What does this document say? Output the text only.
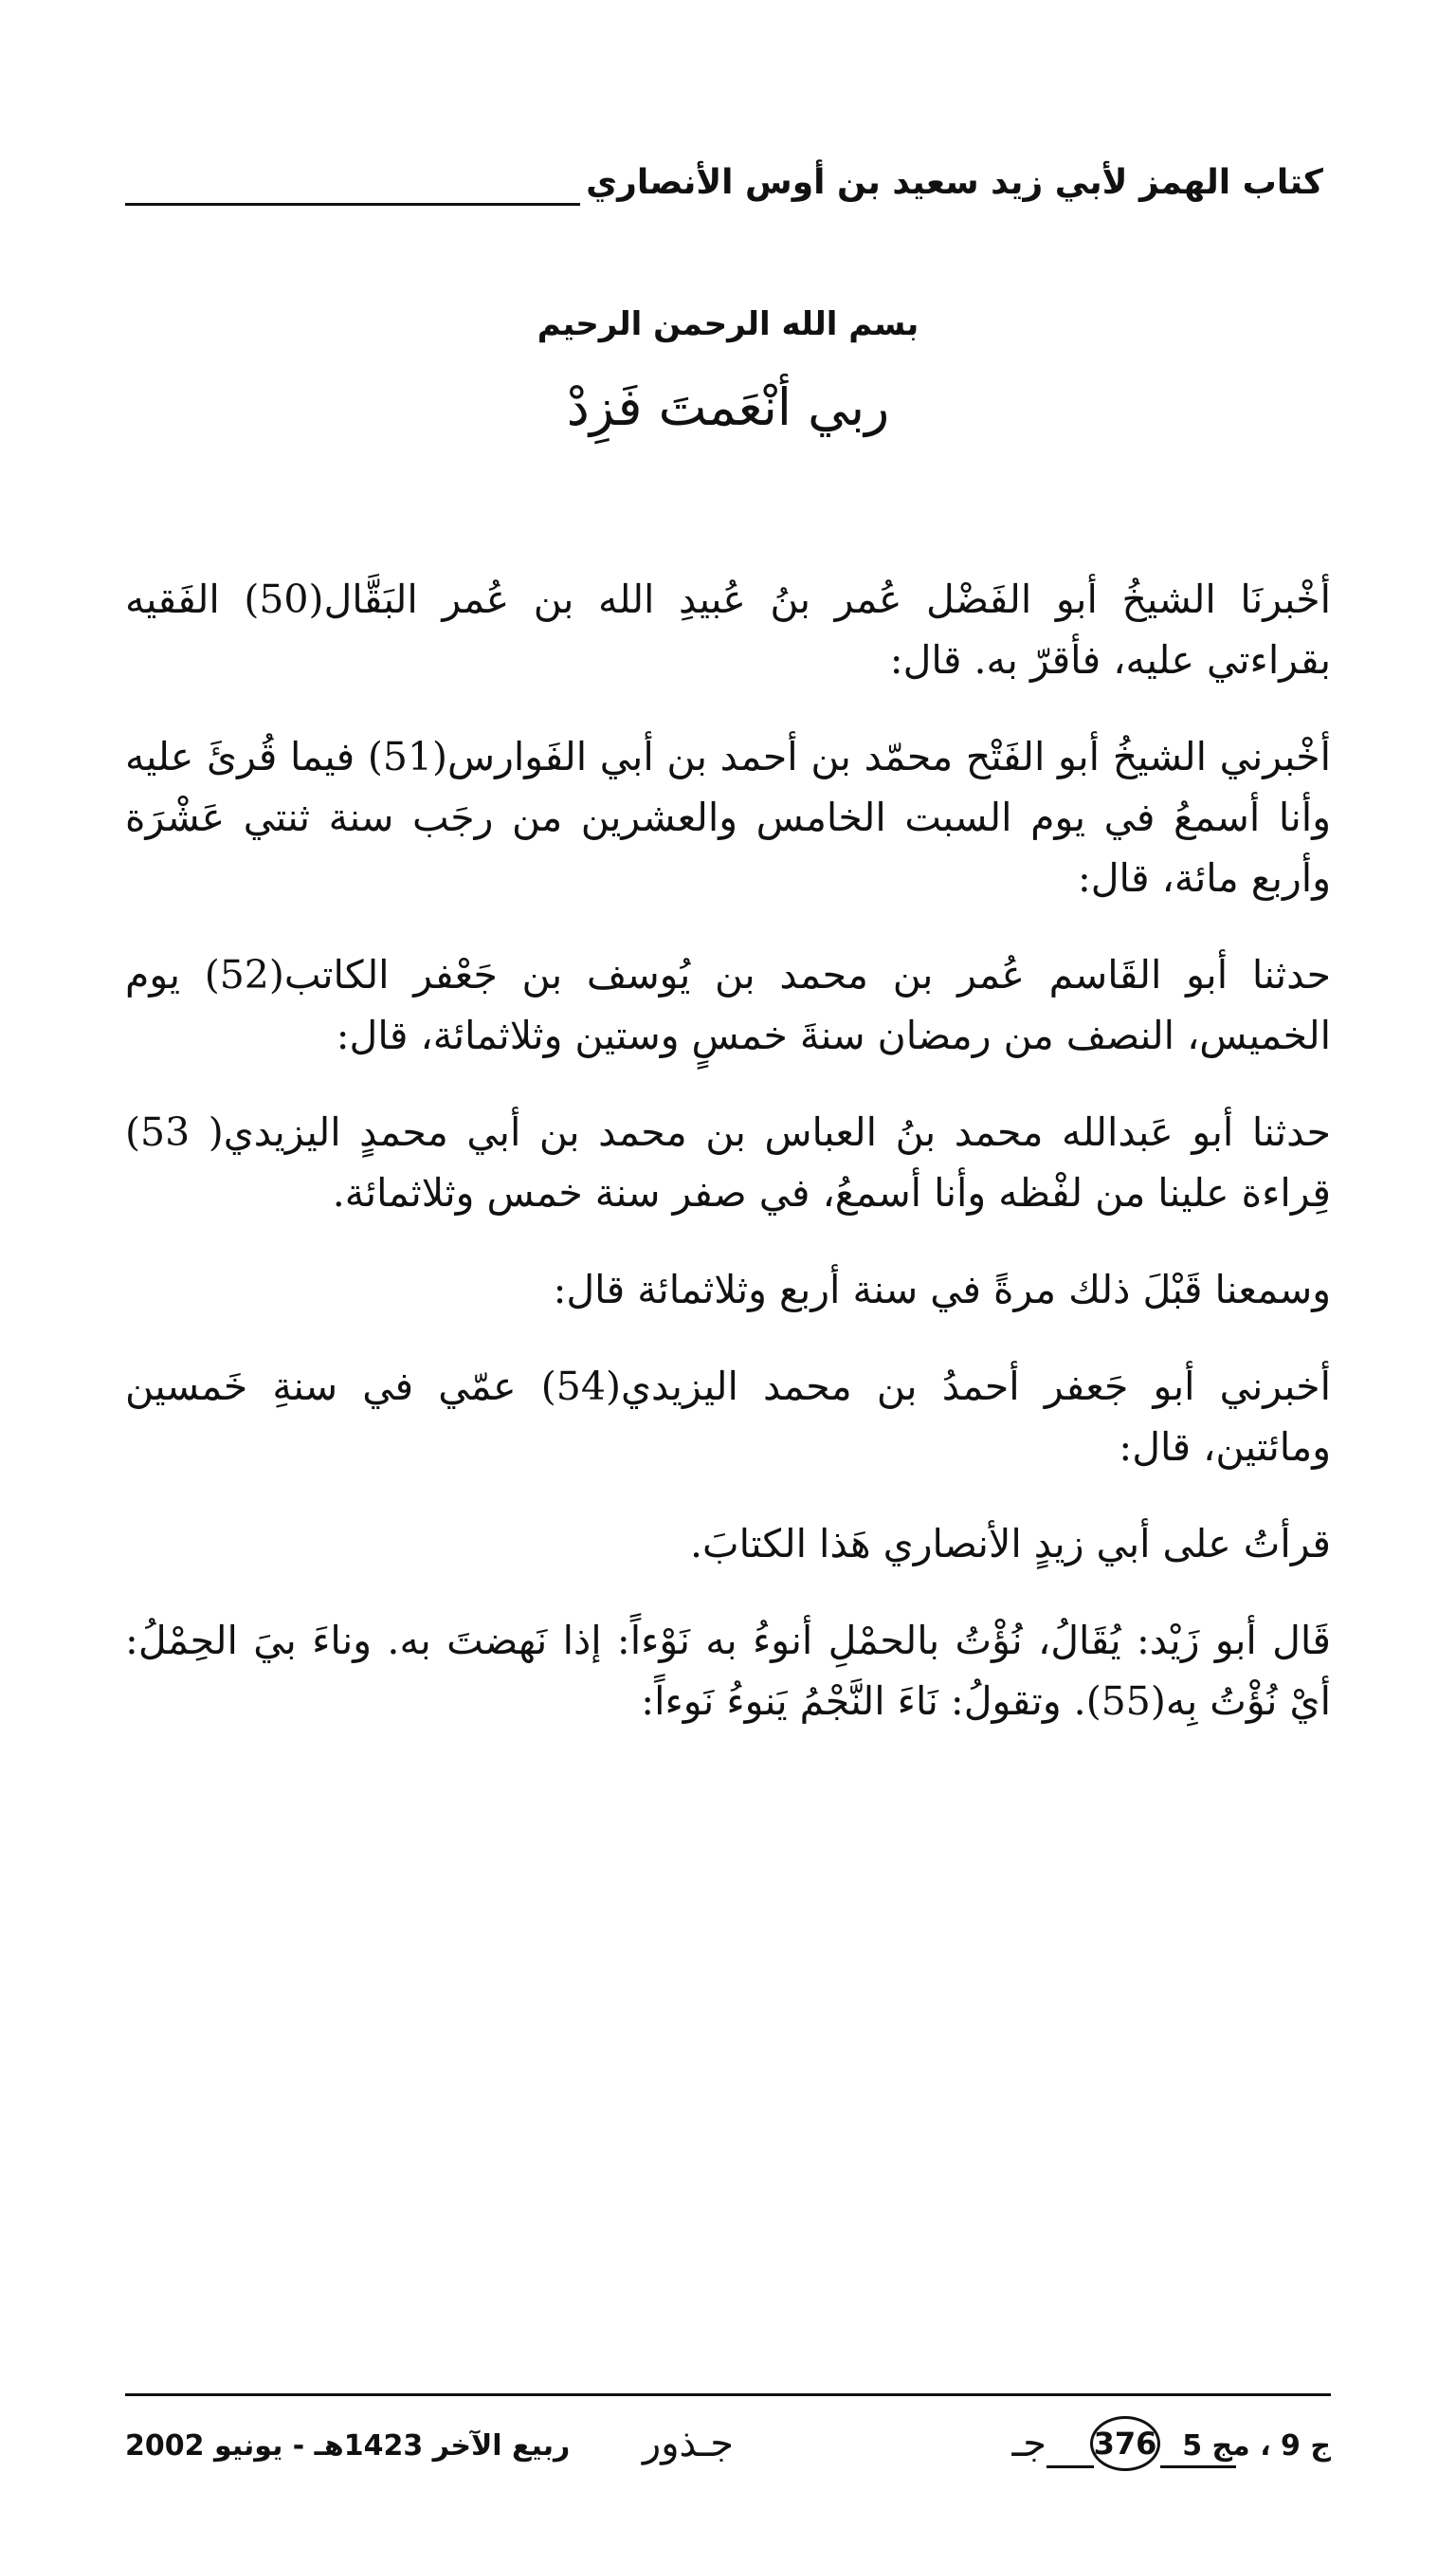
كتاب الهمز لأبي زيد سعيد بن أوس الأنصاري
بسم الله الرحمن الرحيم
ربي أنْعَمتَ فَزِدْ

أخْبرنَا الشيخُ أبو الفَضْل عُمر بنُ عُبيدِ الله بن عُمر البَقَّال(50) الفَقيه بقراءتي عليه، فأقرّ به. قال:

أخْبرني الشيخُ أبو الفَتْح محمّد بن أحمد بن أبي الفَوارس(51) فيما قُرئَ عليه وأنا أسمعُ في يوم السبت الخامس والعشرين من رجَب سنة ثنتي عَشْرَة وأربع مائة، قال:

حدثنا أبو القَاسم عُمر بن محمد بن يُوسف بن جَعْفر الكاتب(52) يوم الخميس، النصف من رمضان سنةَ خمسٍ وستين وثلاثمائة، قال:

حدثنا أبو عَبدالله محمد بنُ العباس بن محمد بن أبي محمدٍ اليزيدي( 53) قِراءة علينا من لفْظه وأنا أسمعُ، في صفر سنة خمس وثلاثمائة.

وسمعنا قَبْلَ ذلك مرةً في سنة أربع وثلاثمائة قال:

أخبرني أبو جَعفر أحمدُ بن محمد اليزيدي(54) عمّي في سنةِ خَمسين ومائتين، قال:

قرأتُ على أبي زيدٍ الأنصاري هَذا الكتابَ.

قَال أبو زَيْد: يُقَالُ، نُؤْتُ بالحمْلِ أنوءُ به نَوْءاً: إذا نَهضتَ به. وناءَ بيَ الحِمْلُ: أيْ نُؤْتُ بِه(55). وتقولُ: نَاءَ النَّجْمُ يَنوءُ نَوءاً:

ج 9 ، مج 5
جـ 376
جـذور
ربيع الآخر 1423هـ - يونيو 2002
